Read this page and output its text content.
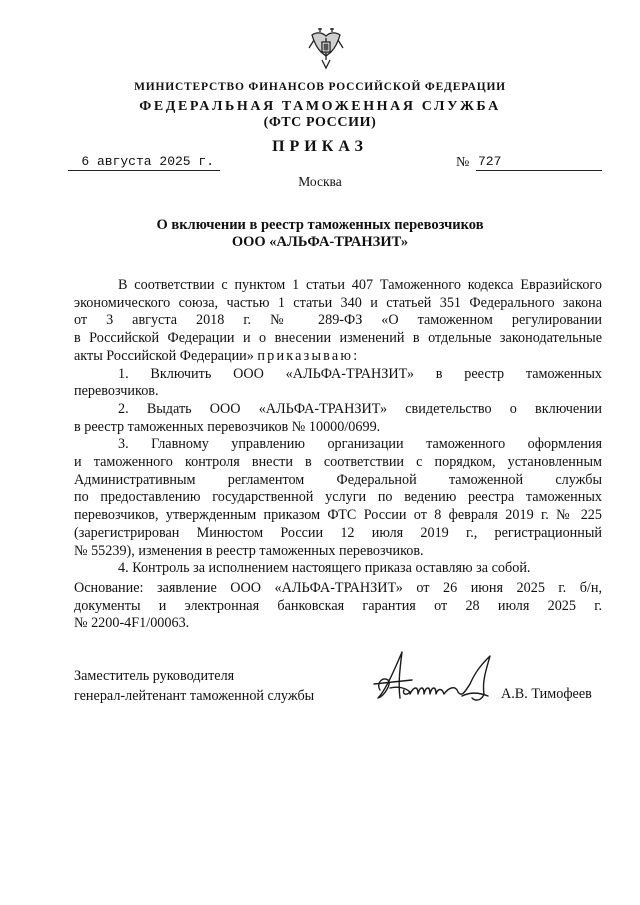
МИНИСТЕРСТВО ФИНАНСОВ РОССИЙСКОЙ ФЕДЕРАЦИИ
ФЕДЕРАЛЬНАЯ ТАМОЖЕННАЯ СЛУЖБА
(ФТС РОССИИ)
ПРИКАЗ
6 августа 2025 г.	№ 727
Москва
О включении в реестр таможенных перевозчиков
ООО «АЛЬФА-ТРАНЗИТ»

В соответствии с пунктом 1 статьи 407 Таможенного кодекса Евразийского

экономического союза, частью 1 статьи 340 и статьей 351 Федерального закона

от 3 августа 2018 г. № 289-ФЗ «О таможенном регулировании

в Российской Федерации и о внесении изменений в отдельные законодательные

акты Российской Федерации» приказываю:

1. Включить ООО «АЛЬФА-ТРАНЗИТ» в реестр таможенных

перевозчиков.

2. Выдать ООО «АЛЬФА-ТРАНЗИТ» свидетельство о включении

в реестр таможенных перевозчиков № 10000/0699.

3. Главному управлению организации таможенного оформления

и таможенного контроля внести в соответствии с порядком, установленным

Административным регламентом Федеральной таможенной службы

по предоставлению государственной услуги по ведению реестра таможенных

перевозчиков, утвержденным приказом ФТС России от 8 февраля 2019 г. № 225

(зарегистрирован Минюстом России 12 июля 2019 г., регистрационный

№ 55239), изменения в реестр таможенных перевозчиков.

4. Контроль за исполнением настоящего приказа оставляю за собой.

Основание: заявление ООО «АЛЬФА-ТРАНЗИТ» от 26 июня 2025 г. б/н,

документы и электронная банковская гарантия от 28 июля 2025 г.

№ 2200-4F1/00063.

Заместитель руководителя
генерал-лейтенант таможенной службы	А.В. Тимофеев
